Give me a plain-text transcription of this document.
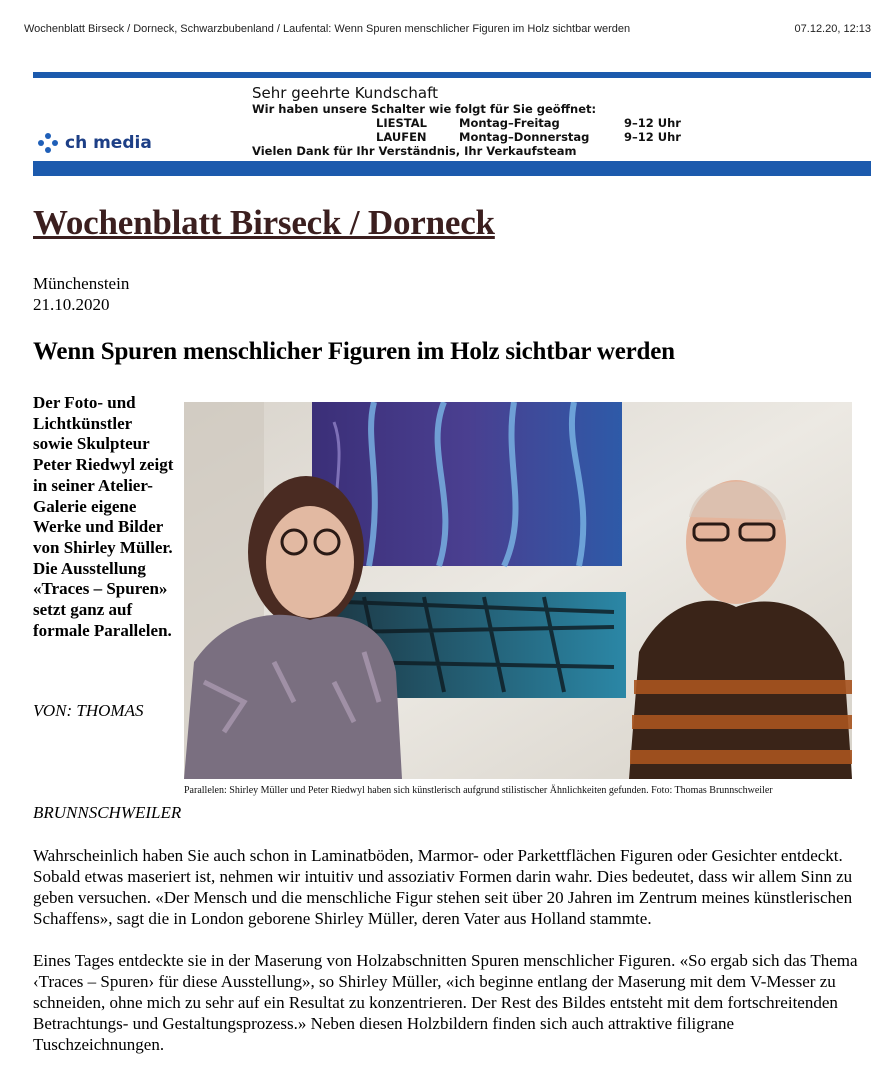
Wochenblatt Birseck / Dorneck, Schwarzbubenland / Laufental: Wenn Spuren menschlicher Figuren im Holz sichtbar werden	07.12.20, 12:13
ch media
Sehr geehrte Kundschaft
Wir haben unsere Schalter wie folgt für Sie geöffnet:
LIESTAL	Montag–Freitag	9–12 Uhr
LAUFEN	Montag–Donnerstag	9–12 Uhr
Vielen Dank für Ihr Verständnis, Ihr Verkaufsteam
Wochenblatt Birseck / Dorneck
Münchenstein
21.10.2020
Wenn Spuren menschlicher Figuren im Holz sichtbar werden
Der Foto- und Lichtkünstler sowie Skulpteur Peter Riedwyl zeigt in seiner Atelier-Galerie eigene Werke und Bilder von Shirley Müller. Die Ausstellung «Traces – Spuren» setzt ganz auf formale Parallelen.
VON: THOMAS
Parallelen: Shirley Müller und Peter Riedwyl haben sich künstlerisch aufgrund stilistischer Ähnlichkeiten gefunden. Foto: Thomas Brunnschweiler
BRUNNSCHWEILER

Wahrscheinlich haben Sie auch schon in Laminatböden, Marmor- oder Parkettflächen Figuren oder Gesichter entdeckt. Sobald etwas maseriert ist, nehmen wir intuitiv und assoziativ Formen darin wahr. Dies bedeutet, dass wir allem Sinn zu geben versuchen. «Der Mensch und die menschliche Figur stehen seit über 20 Jahren im Zentrum meines künstlerischen Schaffens», sagt die in London geborene Shirley Müller, deren Vater aus Holland stammte.

Eines Tages entdeckte sie in der Maserung von Holzabschnitten Spuren menschlicher Figuren. «So ergab sich das Thema ‹Traces – Spuren› für diese Ausstellung», so Shirley Müller, «ich beginne entlang der Maserung mit dem V-Messer zu schneiden, ohne mich zu sehr auf ein Resultat zu konzentrieren. Der Rest des Bildes entsteht mit dem fortschreitenden Betrachtungs- und Gestaltungsprozess.» Neben diesen Holzbildern finden sich auch attraktive filigrane Tuschzeichnungen.
